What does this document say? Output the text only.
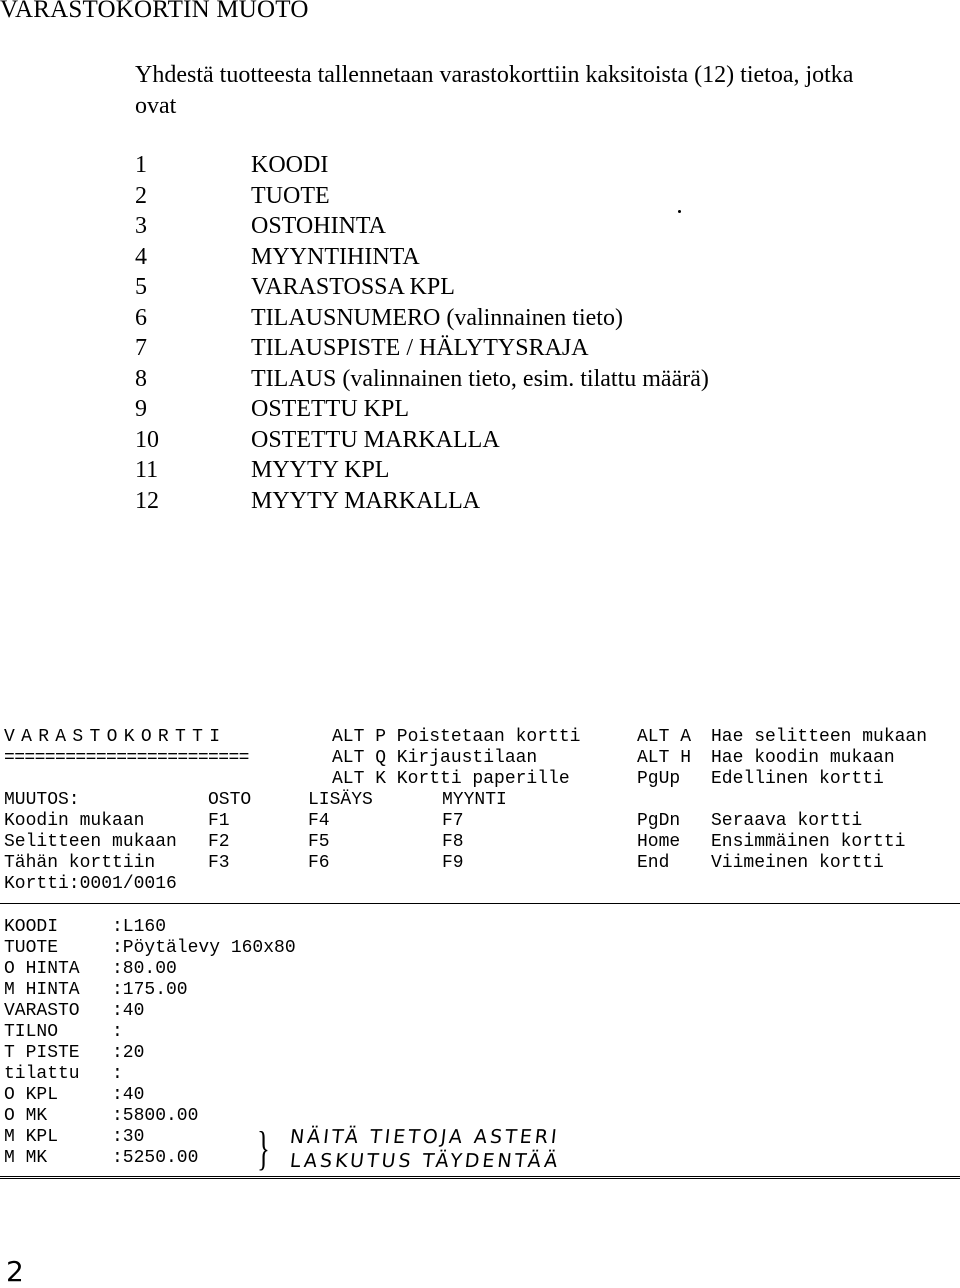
VARASTOKORTIN MUOTO
Yhdestä tuotteesta tallennetaan varastokorttiin kaksitoista (12) tietoa, jotka ovat
1	KOODI
2	TUOTE
3	OSTOHINTA
4	MYYNTIHINTA
5	VARASTOSSA KPL
6	TILAUSNUMERO (valinnainen tieto)
7	TILAUSPISTE / HÄLYTYSRAJA
8	TILAUS (valinnainen tieto, esim. tilattu määrä)
9	OSTETTU KPL
10	OSTETTU MARKALLA
11	MYYTY KPL
12	MYYTY MARKALLA
VARASTOKORTTI
========================
ALT P Poistetaan kortti
ALT Q Kirjaustilaan
ALT K Kortti paperille
ALT A Hae selitteen mukaan
ALT H Hae koodin mukaan
PgUp Edellinen kortti
PgDn Seraava kortti
Home Ensimmäinen kortti
End Viimeinen kortti
MUUTOS:	OSTO	LISÄYS	MYYNTI
Koodin mukaan	F1	F4	F7
Selitteen mukaan F2	F5	F8
Tähän korttiin	F3	F6	F9
Kortti:0001/0016
KOODI	:L160
TUOTE	:Pöytälevy 160x80
O HINTA	:80.00
M HINTA	:175.00
VARASTO	:40
TILNO	:
T PISTE	:20
tilattu	:
O KPL	:40
O MK	:5800.00
M KPL	:30
M MK	:5250.00 } NÄITÄ TIETOJA ASTERI
LASKUTUS TÄYDENTÄÄ
2
